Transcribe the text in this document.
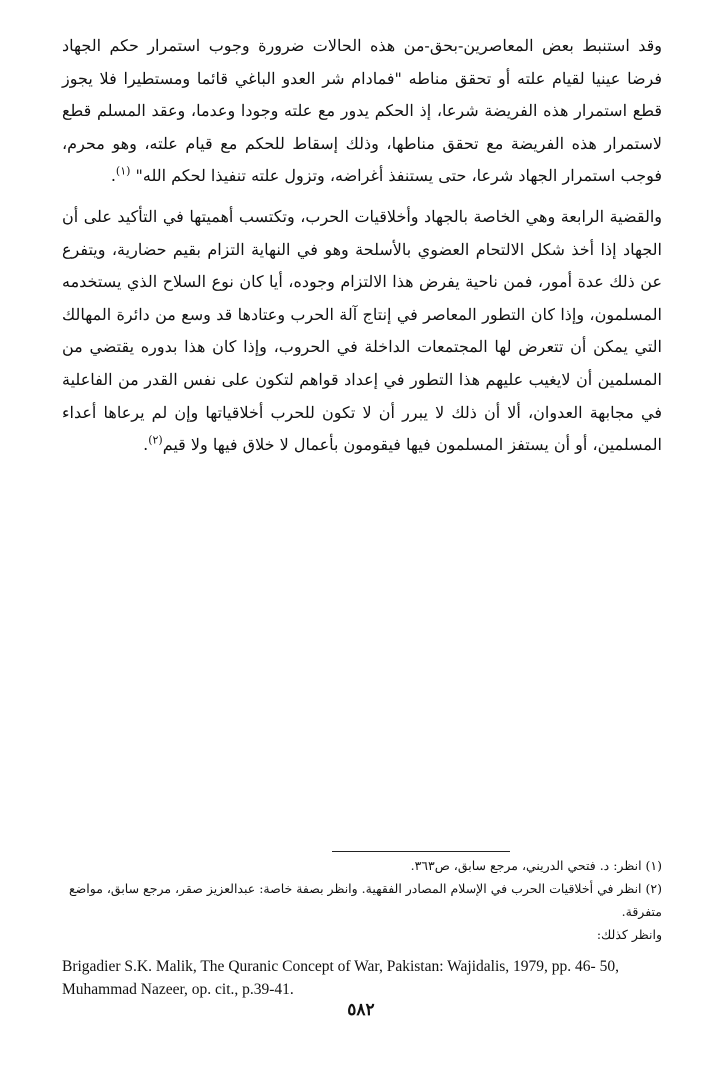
وقد استنبط بعض المعاصرين-بحق-من هذه الحالات ضرورة وجوب استمرار حكم الجهاد فرضا عينيا لقيام علته أو تحقق مناطه "فمادام شر العدو الباغي قائما ومستطيرا فلا يجوز قطع استمرار هذه الفريضة شرعا، إذ الحكم يدور مع علته وجودا وعدما، وعقد المسلم قطع لاستمرار هذه الفريضة مع تحقق مناطها، وذلك إسقاط للحكم مع قيام علته، وهو محرم، فوجب استمرار الجهاد شرعا، حتى يستنفذ أغراضه، وتزول علته تنفيذا لحكم الله" $^{(١)}$.

والقضية الرابعة وهي الخاصة بالجهاد وأخلاقيات الحرب، وتكتسب أهميتها في التأكيد على أن الجهاد إذا أخذ شكل الالتحام العضوي بالأسلحة وهو في النهاية التزام بقيم حضارية، ويتفرع عن ذلك عدة أمور، فمن ناحية يفرض هذا الالتزام وجوده، أيا كان نوع السلاح الذي يستخدمه المسلمون، وإذا كان التطور المعاصر في إنتاج آلة الحرب وعتادها قد وسع من دائرة المهالك التي يمكن أن تتعرض لها المجتمعات الداخلة في الحروب، وإذا كان هذا بدوره يقتضي من المسلمين أن لايغيب عليهم هذا التطور في إعداد قواهم لتكون على نفس القدر من الفاعلية في مجابهة العدوان، ألا أن ذلك لا يبرر أن لا تكون للحرب أخلاقياتها وإن لم يرعاها أعداء المسلمين، أو أن يستفز المسلمون فيها فيقومون بأعمال لا خلاق فيها ولا قيم$^{(٢)}$.

(١) انظر: د. فتحي الدريني، مرجع سابق، ص٣٦٣.

(٢) انظر في أخلاقيات الحرب في الإسلام المصادر الفقهية. وانظر بصفة خاصة: عبدالعزيز صقر، مرجع سابق، مواضع متفرقة.

وانظر كذلك:

Brigadier S.K. Malik, The Quranic Concept of War, Pakistan: Wajidalis, 1979, pp. 46- 50, Muhammad Nazeer, op. cit., p.39-41.

٥٨٢
